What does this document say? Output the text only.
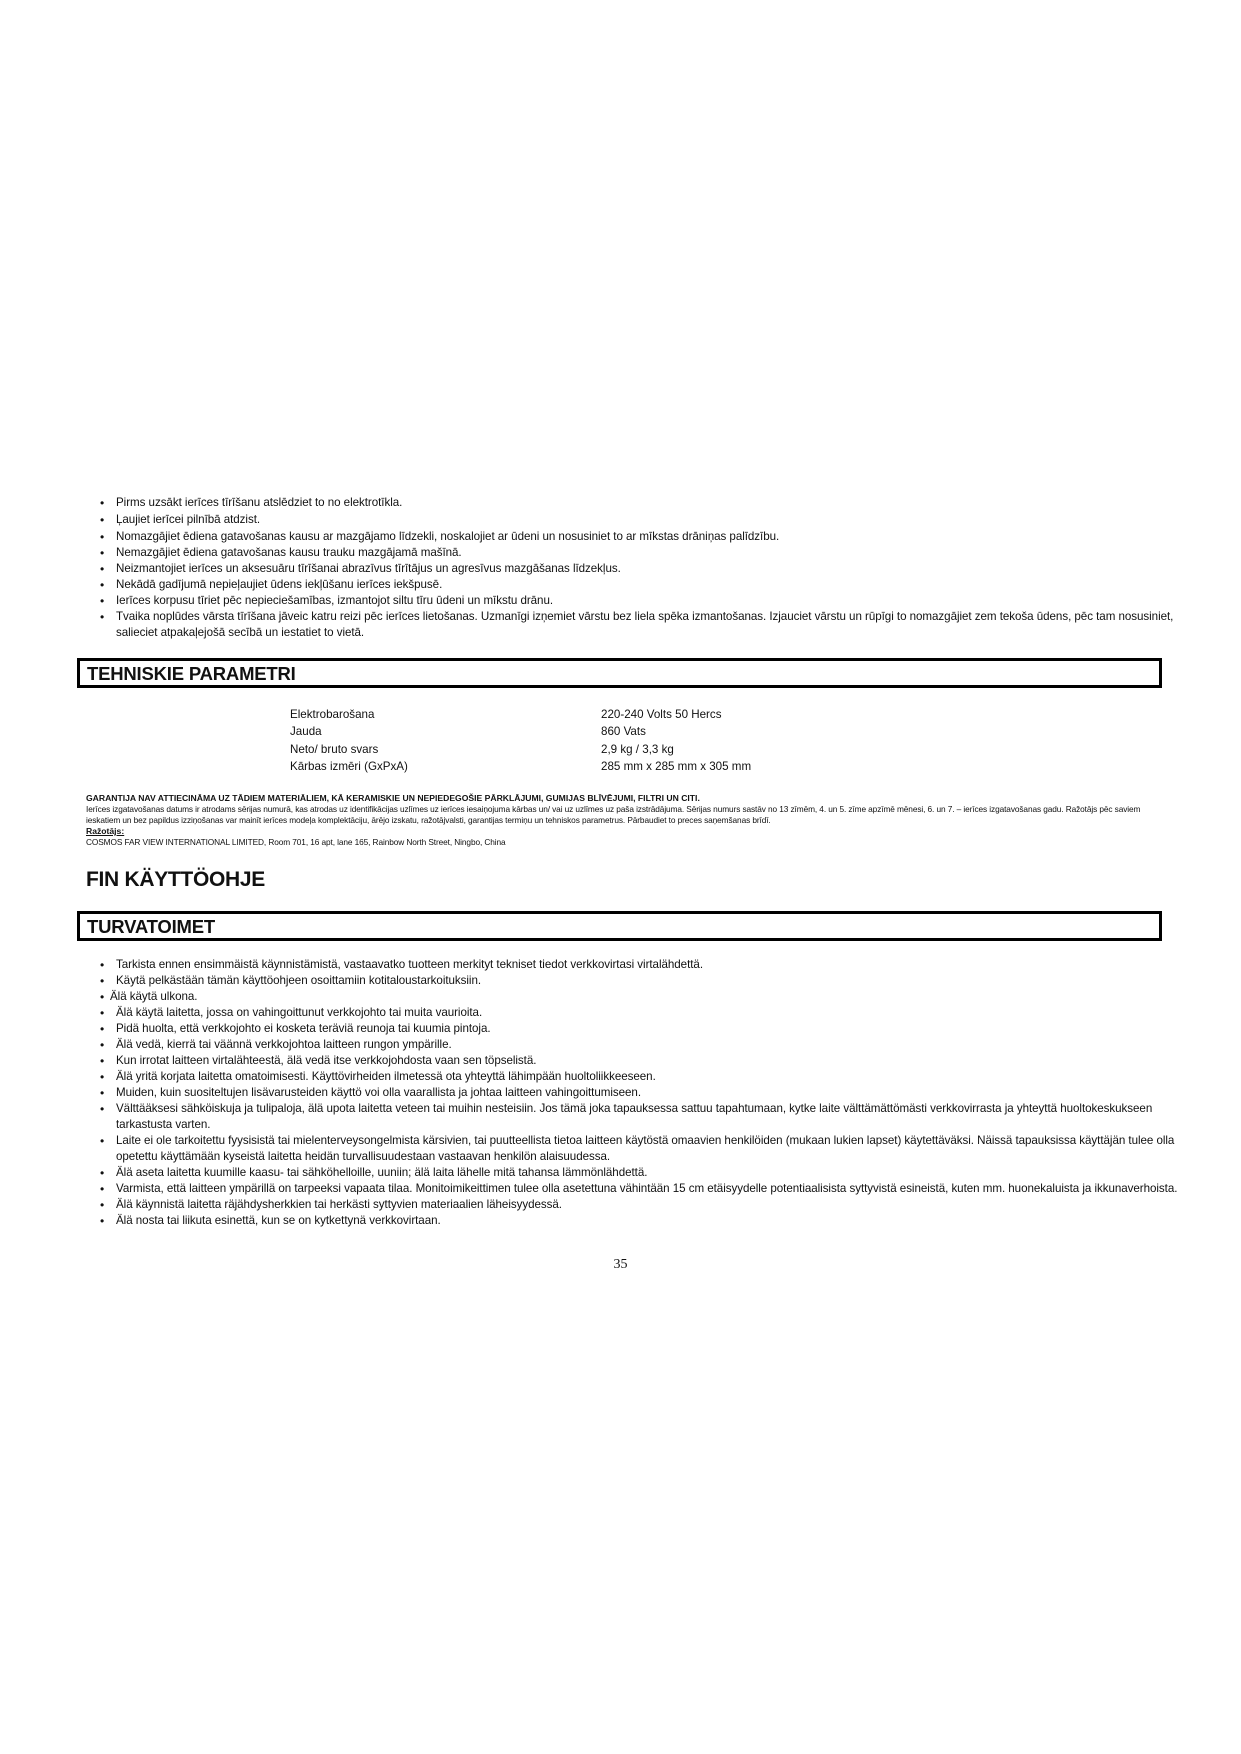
• Pirms uzsākt ierīces tīrīšanu atslēdziet to no elektrotīkla.
• Ļaujiet ierīcei pilnībā atdzist.
• Nomazgājiet ēdiena gatavošanas kausu ar mazgājamo līdzekli, noskalojiet ar ūdeni un nosusiniet to ar mīkstas drāniņas palīdzību.
• Nemazgājiet ēdiena gatavošanas kausu trauku mazgājamā mašīnā.
• Neizmantojiet ierīces un aksesuāru tīrīšanai abrazīvus tīrītājus un agresīvus mazgāšanas līdzekļus.
• Nekādā gadījumā nepieļaujiet ūdens iekļūšanu ierīces iekšpusē.
• Ierīces korpusu tīriet pēc nepieciešamības, izmantojot siltu tīru ūdeni un mīkstu drānu.
• Tvaika noplūdes vārsta tīrīšana jāveic katru reizi pēc ierīces lietošanas. Uzmanīgi izņemiet vārstu bez liela spēka izmantošanas. Izjauciet vārstu un rūpīgi to nomazgājiet zem tekoša ūdens, pēc tam nosusiniet, salieciet atpakaļejošā secībā un iestatiet to vietā.
TEHNISKIE PARAMETRI
Elektrobarošana	220-240 Volts 50 Hercs
Jauda	860 Vats
Neto/ bruto svars	2,9 kg / 3,3 kg
Kārbas izmēri (GxPxA)	285 mm x 285 mm x 305 mm
GARANTIJA NAV ATTIECINĀMA UZ TĀDIEM MATERIĀLIEM, KĀ KERAMISKIE UN NEPIEDEGOŠIE PĀRKLĀJUMI, GUMIJAS BLĪVĒJUMI, FILTRI UN CITI.
Ierīces izgatavošanas datums ir atrodams sērijas numurā, kas atrodas uz identifikācijas uzlīmes uz ierīces iesaiņojuma kārbas un/ vai uz uzlīmes uz paša izstrādājuma. Sērijas numurs sastāv no 13 zīmēm, 4. un 5. zīme apzīmē mēnesi, 6. un 7. – ierīces izgatavošanas gadu. Ražotājs pēc saviem ieskatiem un bez papildus izziņošanas var mainīt ierīces modeļa komplektāciju, ārējo izskatu, ražotājvalsti, garantijas termiņu un tehniskos parametrus. Pārbaudiet to preces saņemšanas brīdī.
Ražotājs:
COSMOS FAR VIEW INTERNATIONAL LIMITED, Room 701, 16 apt, lane 165, Rainbow North Street, Ningbo, China
FIN KÄYTTÖOHJE
TURVATOIMET
• Tarkista ennen ensimmäistä käynnistämistä, vastaavatko tuotteen merkityt tekniset tiedot verkkovirtasi virtalähdettä.
• Käytä pelkästään tämän käyttöohjeen osoittamiin kotitaloustarkoituksiin.
• Älä käytä ulkona.
• Älä käytä laitetta, jossa on vahingoittunut verkkojohto tai muita vaurioita.
• Pidä huolta, että verkkojohto ei kosketa teräviä reunoja tai kuumia pintoja.
• Älä vedä, kierrä tai väännä verkkojohtoa laitteen rungon ympärille.
• Kun irrotat laitteen virtalähteestä, älä vedä itse verkkojohdosta vaan sen töpselistä.
• Älä yritä korjata laitetta omatoimisesti. Käyttövirheiden ilmetessä ota yhteyttä lähimpään huoltoliikkeeseen.
• Muiden, kuin suositeltujen lisävarusteiden käyttö voi olla vaarallista ja johtaa laitteen vahingoittumiseen.
• Välttääksesi sähköiskuja ja tulipaloja, älä upota laitetta veteen tai muihin nesteisiin. Jos tämä joka tapauksessa sattuu tapahtumaan, kytke laite välttämättömästi verkkovirrasta ja yhteyttä huoltokeskukseen tarkastusta varten.
• Laite ei ole tarkoitettu fyysisistä tai mielenterveysongelmista kärsivien, tai puutteellista tietoa laitteen käytöstä omaavien henkilöiden (mukaan lukien lapset) käytettäväksi. Näissä tapauksissa käyttäjän tulee olla opetettu käyttämään kyseistä laitetta heidän turvallisuudestaan vastaavan henkilön alaisuudessa.
• Älä aseta laitetta kuumille kaasu- tai sähköhelloille, uuniin; älä laita lähelle mitä tahansa lämmönlähdettä.
• Varmista, että laitteen ympärillä on tarpeeksi vapaata tilaa. Monitoimikeittimen tulee olla asetettuna vähintään 15 cm etäisyydelle potentiaalisista syttyvistä esineistä, kuten mm. huonekaluista ja ikkunaverhoista.
• Älä käynnistä laitetta räjähdysherkkien tai herkästi syttyvien materiaalien läheisyydessä.
• Älä nosta tai liikuta esinettä, kun se on kytkettynä verkkovirtaan.
35
